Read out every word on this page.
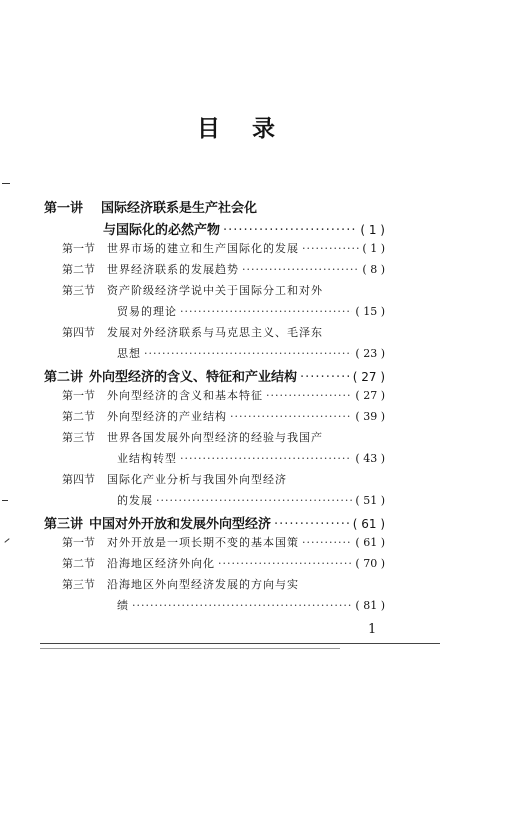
目录
第一讲 国际经济联系是生产社会化
与国际化的必然产物 ·····	( 1 )
第一节 世界市场的建立和生产国际化的发展 ·····	( 1 )
第二节 世界经济联系的发展趋势 ·····	( 8 )
第三节 资产阶级经济学说中关于国际分工和对外
贸易的理论 ·····	( 15 )
第四节 发展对外经济联系与马克思主义、毛泽东
思想 ·····	( 23 )
第二讲 外向型经济的含义、特征和产业结构 ·····	( 27 )
第一节 外向型经济的含义和基本特征 ·····	( 27 )
第二节 外向型经济的产业结构 ·····	( 39 )
第三节 世界各国发展外向型经济的经验与我国产
业结构转型 ·····	( 43 )
第四节 国际化产业分析与我国外向型经济
的发展 ·····	( 51 )
第三讲 中国对外开放和发展外向型经济 ·····	( 61 )
第一节 对外开放是一项长期不变的基本国策 ·····	( 61 )
第二节 沿海地区经济外向化 ·····	( 70 )
第三节 沿海地区外向型经济发展的方向与实
绩 ·····	( 81 )
1
